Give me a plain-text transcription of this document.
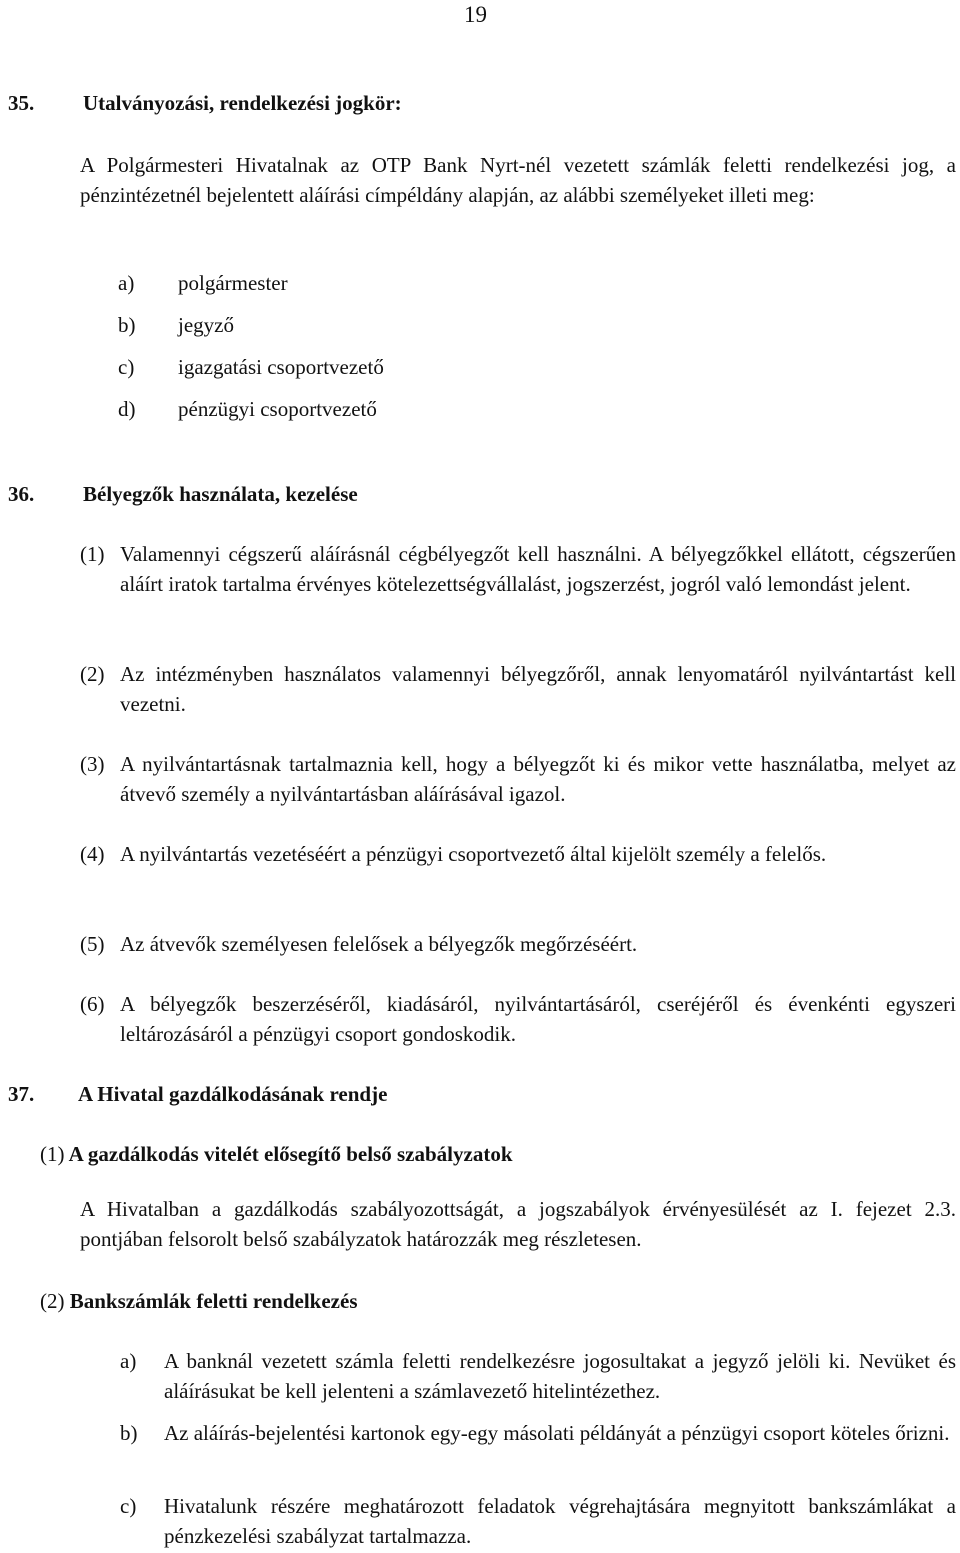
19
35. Utalványozási, rendelkezési jogkör:
A Polgármesteri Hivatalnak az OTP Bank Nyrt-nél vezetett számlák feletti rendelkezési jog, a pénzintézetnél bejelentett aláírási címpéldány alapján, az alábbi személyeket illeti meg:
a)	polgármester
b)	jegyző
c)	igazgatási csoportvezető
d)	pénzügyi csoportvezető
36. Bélyegzők használata, kezelése
(1) Valamennyi cégszerű aláírásnál cégbélyegzőt kell használni. A bélyegzőkkel ellátott, cégszerűen aláírt iratok tartalma érvényes kötelezettségvállalást, jogszerzést, jogról való lemondást jelent.
(2) Az intézményben használatos valamennyi bélyegzőről, annak lenyomatáról nyilvántartást kell vezetni.
(3) A nyilvántartásnak tartalmaznia kell, hogy a bélyegzőt ki és mikor vette használatba, melyet az átvevő személy a nyilvántartásban aláírásával igazol.
(4) A nyilvántartás vezetéséért a pénzügyi csoportvezető által kijelölt személy a felelős.
(5) Az átvevők személyesen felelősek a bélyegzők megőrzéséért.
(6) A bélyegzők beszerzéséről, kiadásáról, nyilvántartásáról, cseréjéről és évenkénti egyszeri leltározásáról a pénzügyi csoport gondoskodik.
37. A Hivatal gazdálkodásának rendje
(1) A gazdálkodás vitelét elősegítő belső szabályzatok
A Hivatalban a gazdálkodás szabályozottságát, a jogszabályok érvényesülését az I. fejezet 2.3. pontjában felsorolt belső szabályzatok határozzák meg részletesen.
(2) Bankszámlák feletti rendelkezés
a)	A banknál vezetett számla feletti rendelkezésre jogosultakat a jegyző jelöli ki. Nevüket és aláírásukat be kell jelenteni a számlavezető hitelintézethez.
b)	Az aláírás-bejelentési kartonok egy-egy másolati példányát a pénzügyi csoport köteles őrizni.
c)	Hivatalunk részére meghatározott feladatok végrehajtására megnyitott bankszámlákat a pénzkezelési szabályzat tartalmazza.
